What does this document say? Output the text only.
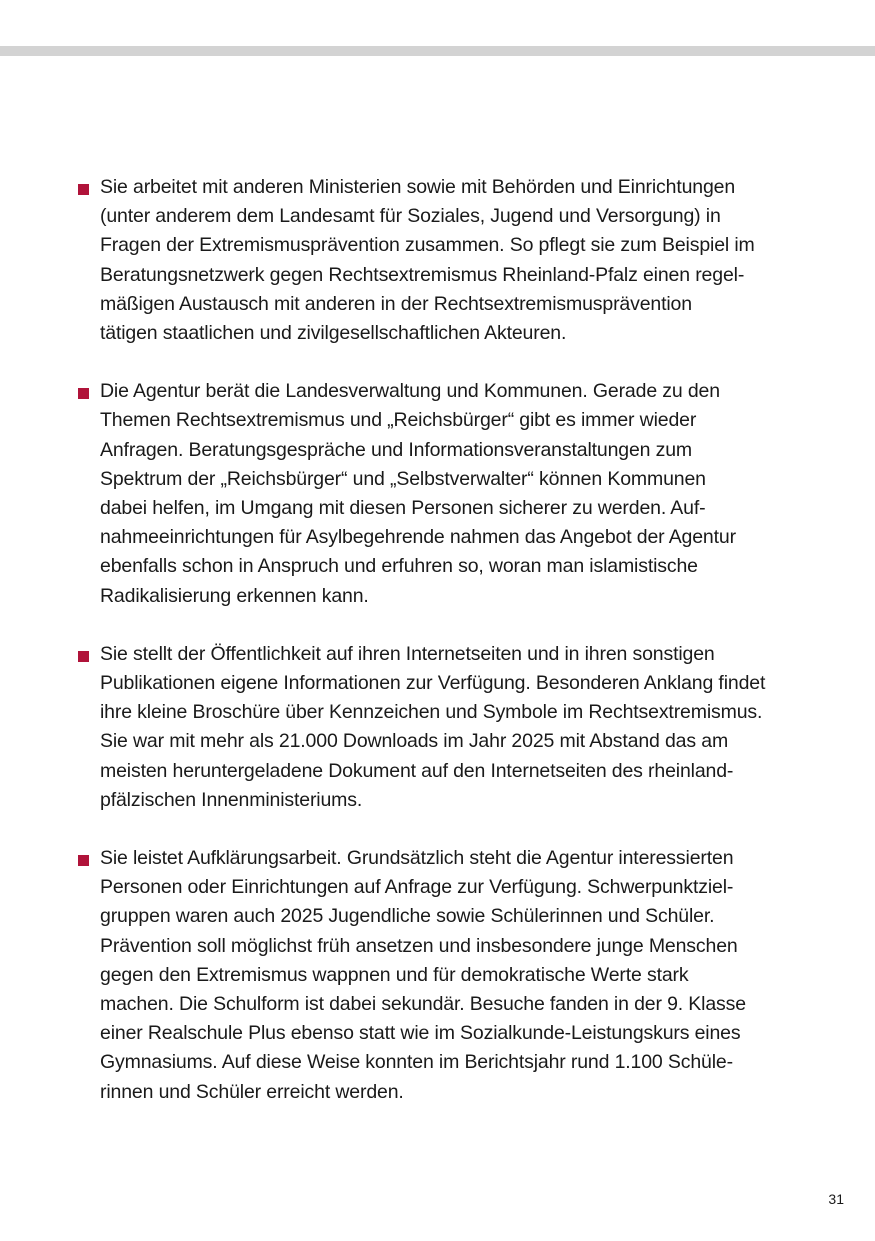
Sie arbeitet mit anderen Ministerien sowie mit Behörden und Einrichtungen
(unter anderem dem Landesamt für Soziales, Jugend und Versorgung) in
Fragen der Extremismusprävention zusammen. So pflegt sie zum Beispiel im
Beratungsnetzwerk gegen Rechtsextremismus Rheinland-Pfalz einen regel-
mäßigen Austausch mit anderen in der Rechtsextremismusprävention
tätigen staatlichen und zivilgesellschaftlichen Akteuren.
Die Agentur berät die Landesverwaltung und Kommunen. Gerade zu den
Themen Rechtsextremismus und „Reichsbürger“ gibt es immer wieder
Anfragen. Beratungsgespräche und Informationsveranstaltungen zum
Spektrum der „Reichsbürger“ und „Selbstverwalter“ können Kommunen
dabei helfen, im Umgang mit diesen Personen sicherer zu werden. Auf-
nahmeeinrichtungen für Asylbegehrende nahmen das Angebot der Agentur
ebenfalls schon in Anspruch und erfuhren so, woran man islamistische
Radikalisierung erkennen kann.
Sie stellt der Öffentlichkeit auf ihren Internetseiten und in ihren sonstigen
Publikationen eigene Informationen zur Verfügung. Besonderen Anklang findet
ihre kleine Broschüre über Kennzeichen und Symbole im Rechtsextremismus.
Sie war mit mehr als 21.000 Downloads im Jahr 2025 mit Abstand das am
meisten heruntergeladene Dokument auf den Internetseiten des rheinland-
pfälzischen Innenministeriums.
Sie leistet Aufklärungsarbeit. Grundsätzlich steht die Agentur interessierten
Personen oder Einrichtungen auf Anfrage zur Verfügung. Schwerpunktziel-
gruppen waren auch 2025 Jugendliche sowie Schülerinnen und Schüler.
Prävention soll möglichst früh ansetzen und insbesondere junge Menschen
gegen den Extremismus wappnen und für demokratische Werte stark
machen. Die Schulform ist dabei sekundär. Besuche fanden in der 9. Klasse
einer Realschule Plus ebenso statt wie im Sozialkunde-Leistungskurs eines
Gymnasiums. Auf diese Weise konnten im Berichtsjahr rund 1.100 Schüle-
rinnen und Schüler erreicht werden.
31
